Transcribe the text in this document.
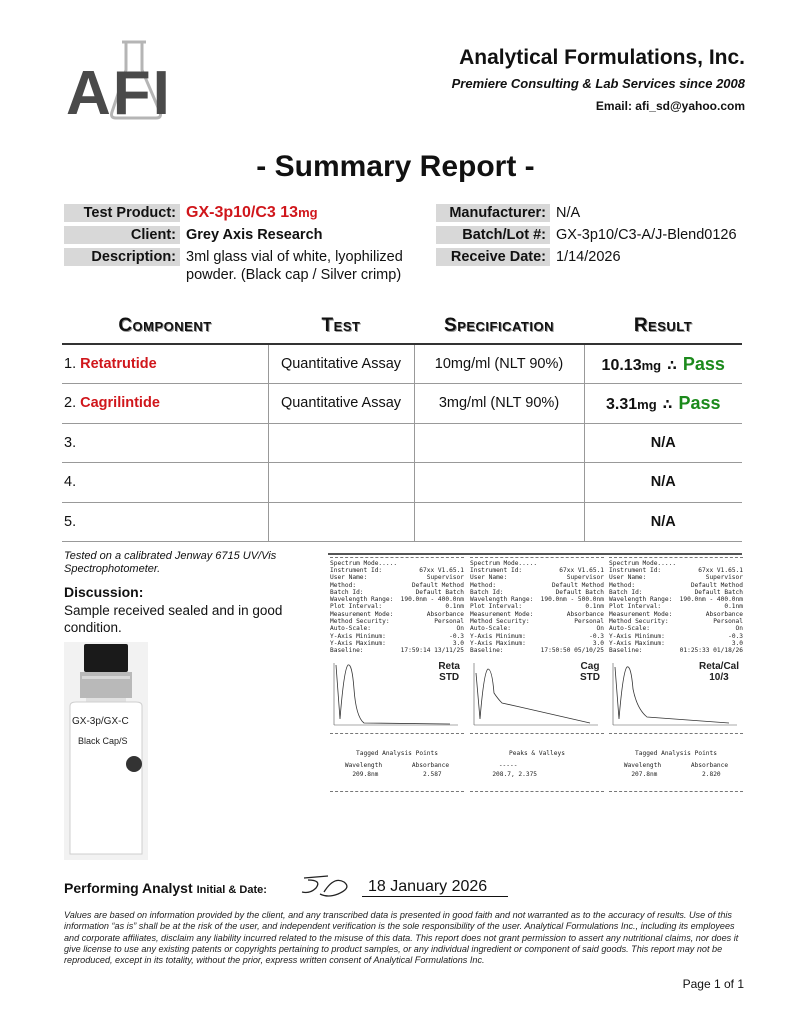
AFI
Analytical Formulations, Inc.
Premiere Consulting & Lab Services since 2008
Email: afi_sd@yahoo.com
- Summary Report -
Test Product: GX-3p10/C3 13mg
Client: Grey Axis Research
Description: 3ml glass vial of white, lyophilized powder. (Black cap / Silver crimp)
Manufacturer: N/A
Batch/Lot #: GX-3p10/C3-A/J-Blend0126
Receive Date: 1/14/2026
Component	Test	Specification	Result
1. Retatrutide	Quantitative Assay	10mg/ml (NLT 90%)	10.13mg ∴ Pass
2. Cagrilintide	Quantitative Assay	3mg/ml (NLT 90%)	3.31mg ∴ Pass
3.			N/A
4.			N/A
5.			N/A
Tested on a calibrated Jenway 6715 UV/Vis Spectrophotometer.
Discussion:
Sample received sealed and in good condition.
GX-3p/GX-C
Black Cap/S
Spectrum Mode.....
Instrument Id:	67xx V1.65.1
User Name:	Supervisor
Method:	Default Method
Batch Id:	Default Batch
Wavelength Range: 190.0nm - 400.0nm
Plot Interval:	0.1nm
Measurement Mode:	Absorbance
Method Security:	Personal
Auto-Scale:	On
Y-Axis Minimum:	-0.3
Y-Axis Maximum:	3.0
Baseline:	17:59:14 13/11/25
Reta
STD
Tagged Analysis Points
Wavelength	Absorbance
209.8nm	2.587
Spectrum Mode.....
Instrument Id:	67xx V1.65.1
User Name:	Supervisor
Method:	Default Method
Batch Id:	Default Batch
Wavelength Range: 190.0nm - 500.0nm
Plot Interval:	0.1nm
Measurement Mode:	Absorbance
Method Security:	Personal
Auto-Scale:	On
Y-Axis Minimum:	-0.3
Y-Axis Maximum:	3.0
Baseline:	17:50:50 05/10/25
Cag
STD
Peaks & Valleys
-----
208.7, 2.375
Spectrum Mode.....
Instrument Id:	67xx V1.65.1
User Name:	Supervisor
Method:	Default Method
Batch Id:	Default Batch
Wavelength Range: 190.0nm - 400.0nm
Plot Interval:	0.1nm
Measurement Mode:	Absorbance
Method Security:	Personal
Auto-Scale:	On
Y-Axis Minimum:	-0.3
Y-Axis Maximum:	3.0
Baseline:	01:25:33 01/18/26
Reta/Cal
10/3
Tagged Analysis Points
Wavelength	Absorbance
207.8nm	2.820
Performing Analyst Initial & Date:	18 January 2026
Values are based on information provided by the client, and any transcribed data is presented in good faith and not warranted as to the accuracy of results. Use of this information “as is” shall be at the risk of the user, and independent verification is the sole responsibility of the user. Analytical Formulations Inc., including its employees and corporate affiliates, disclaim any liability incurred related to the misuse of this data. This report does not grant permission to assert any nutritional claims, nor does it give license to use any existing patents or copyrights pertaining to product samples, or any individual ingredient or component of said goods. This report may not be reproduced, except in its totality, without the prior, express written consent of Analytical Formulations Inc.
Page 1 of 1
